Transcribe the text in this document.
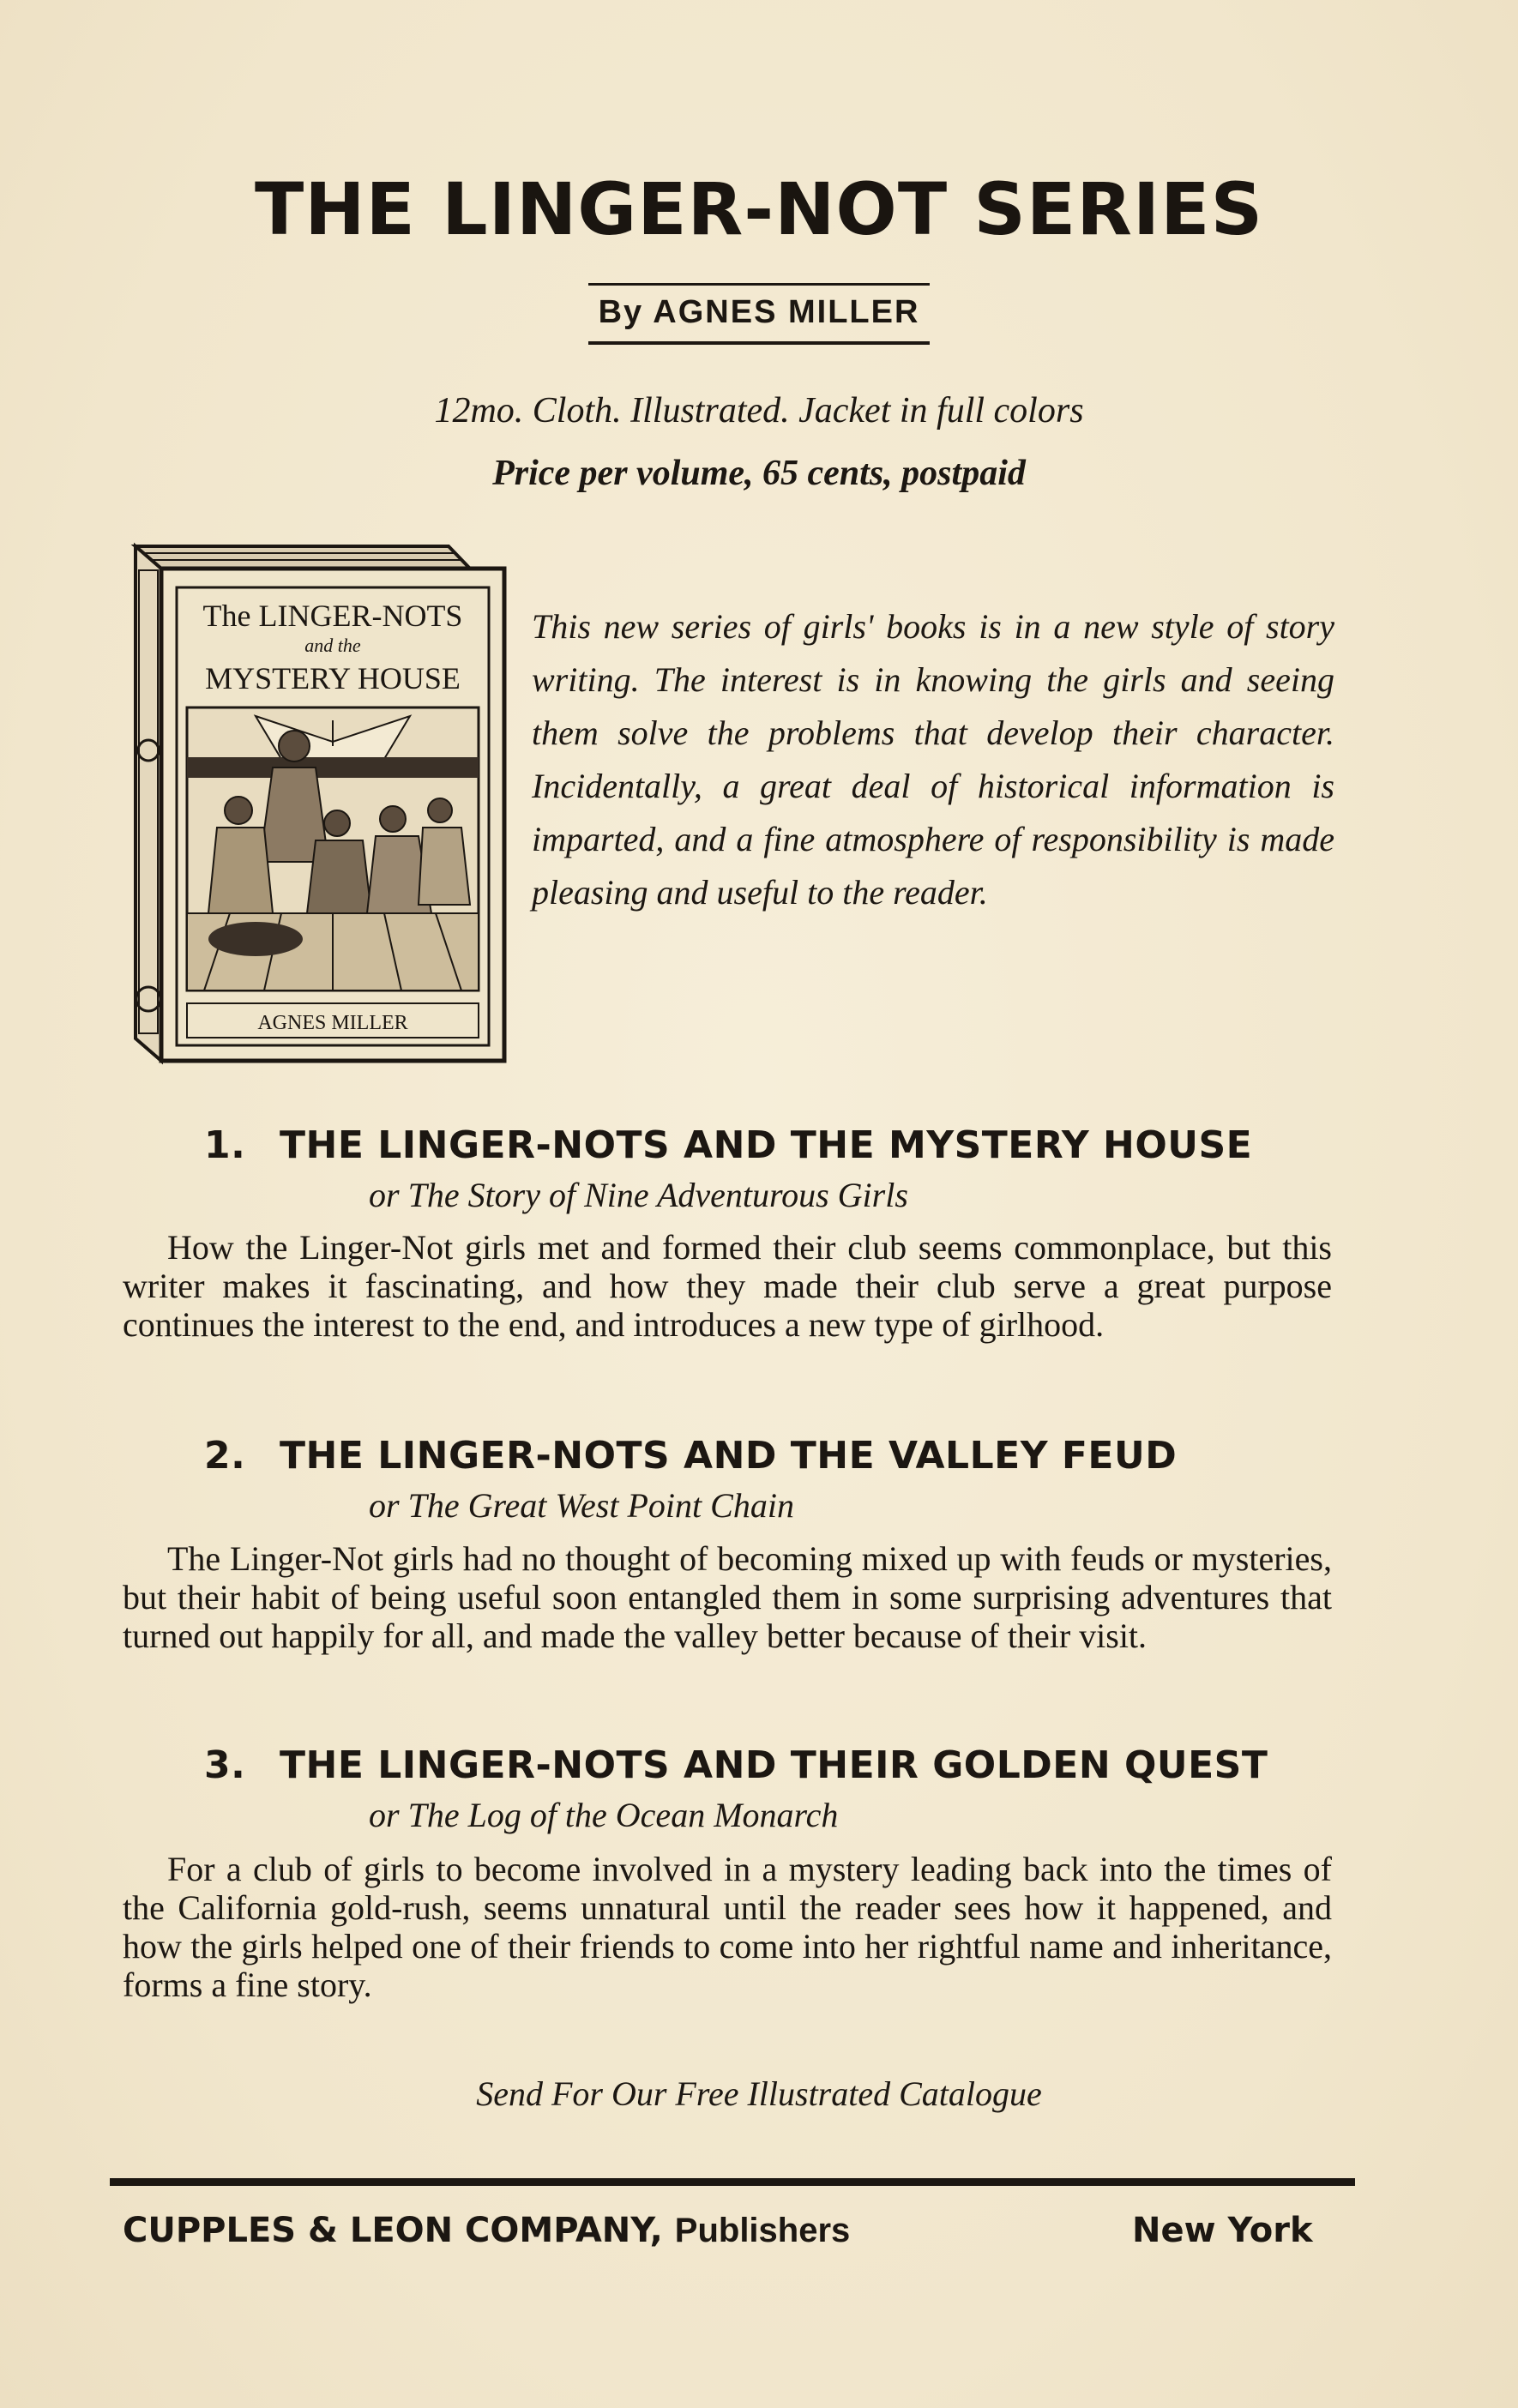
THE LINGER-NOT SERIES
By AGNES MILLER
12mo. Cloth. Illustrated. Jacket in full colors
Price per volume, 65 cents, postpaid
The LINGER-NOTS
and the
MYSTERY HOUSE
AGNES MILLER
This new series of girls' books is in a new style of story writing. The interest is in knowing the girls and seeing them solve the problems that develop their character. Incidentally, a great deal of historical information is imparted, and a fine atmosphere of responsibility is made pleasing and useful to the reader.
1. THE LINGER-NOTS AND THE MYSTERY HOUSE
or The Story of Nine Adventurous Girls
How the Linger-Not girls met and formed their club seems commonplace, but this writer makes it fascinating, and how they made their club serve a great purpose continues the interest to the end, and introduces a new type of girlhood.
2. THE LINGER-NOTS AND THE VALLEY FEUD
or The Great West Point Chain
The Linger-Not girls had no thought of becoming mixed up with feuds or mysteries, but their habit of being useful soon entangled them in some surprising adventures that turned out happily for all, and made the valley better because of their visit.
3. THE LINGER-NOTS AND THEIR GOLDEN QUEST
or The Log of the Ocean Monarch
For a club of girls to become involved in a mystery leading back into the times of the California gold-rush, seems unnatural until the reader sees how it happened, and how the girls helped one of their friends to come into her rightful name and inheritance, forms a fine story.
Send For Our Free Illustrated Catalogue
CUPPLES & LEON COMPANY, Publishers	New York
